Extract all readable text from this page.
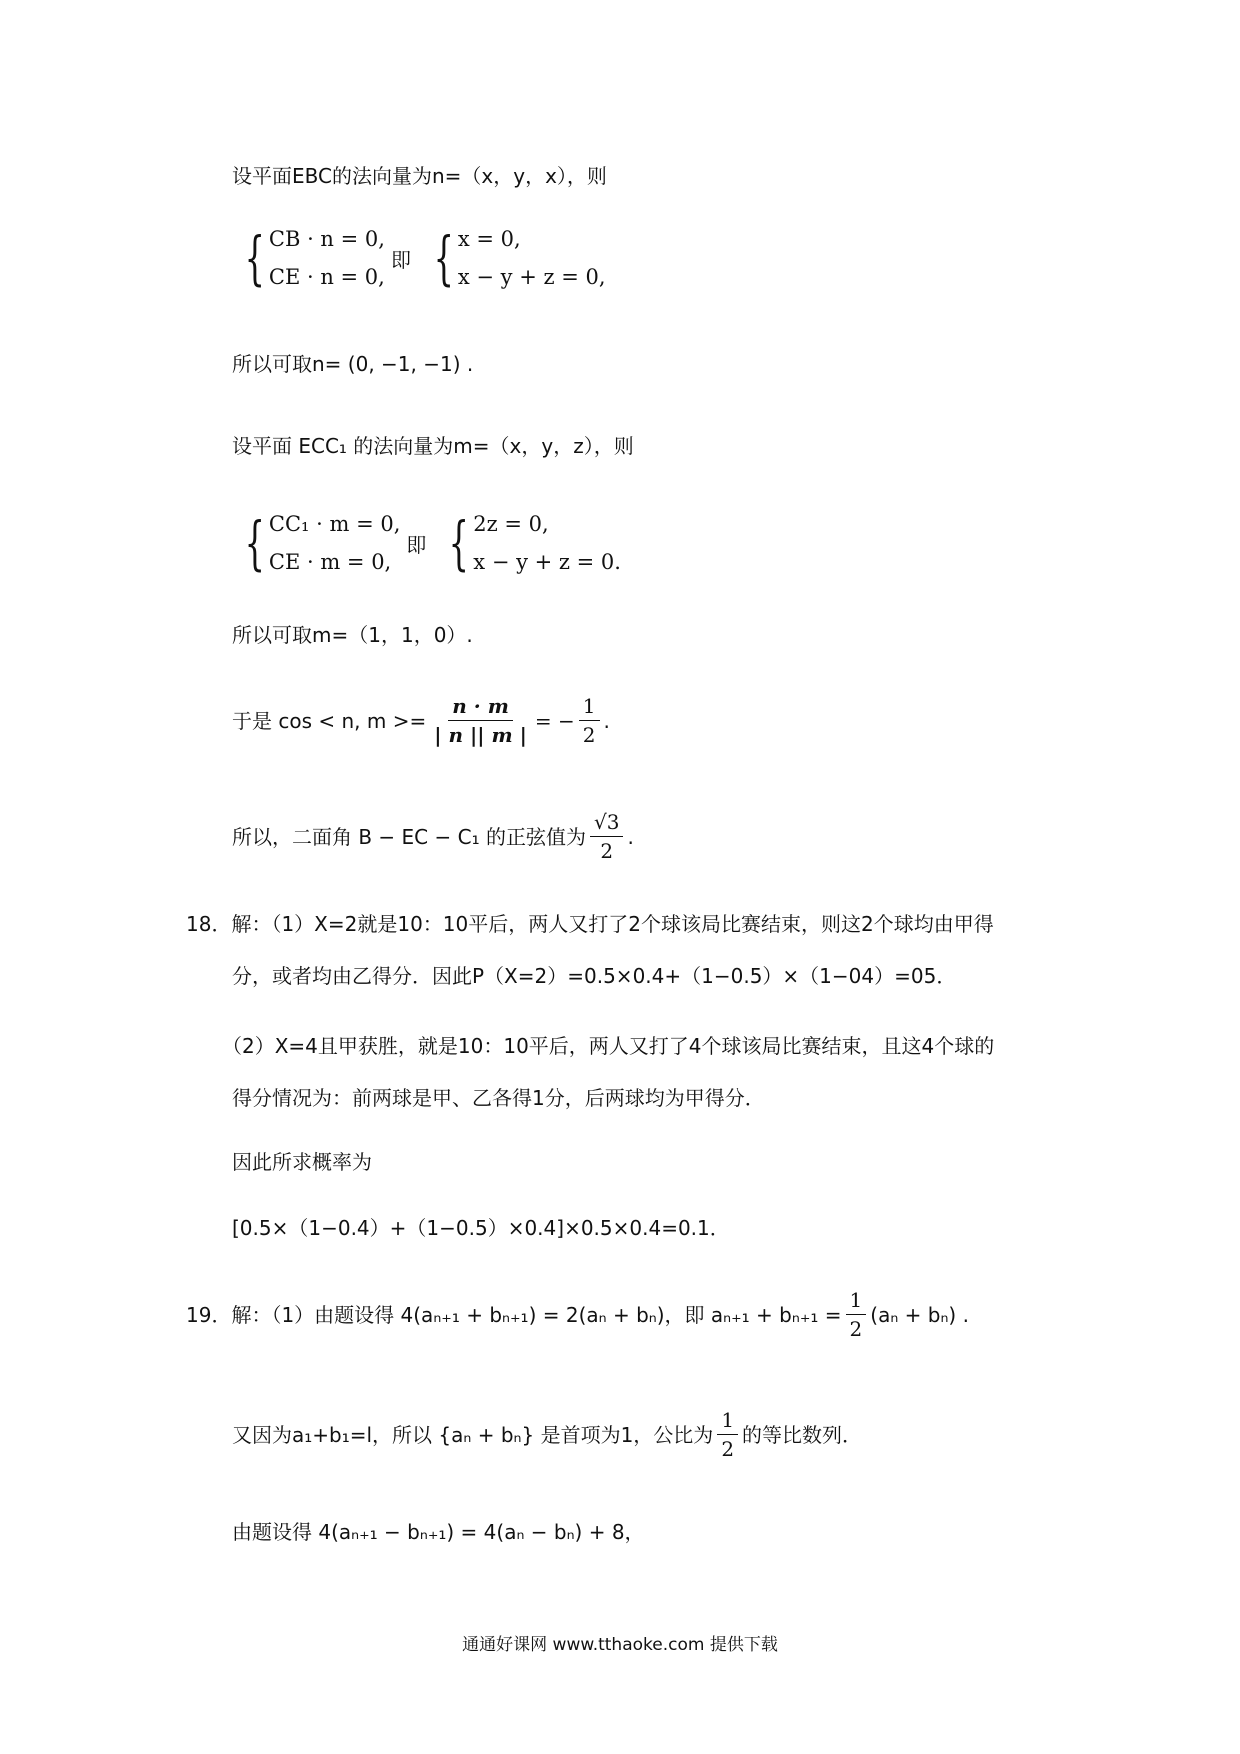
设平面EBC的法向量为n=（x，y，x），则
{ CB · n = 0,
CE · n = 0,
即 { x = 0,
x − y + z = 0,
所以可取n= (0, −1, −1) .
设平面 ECC₁ 的法向量为m=（x，y，z），则
{ CC₁ · m = 0,
CE · m = 0,
即 { 2z = 0,
x − y + z = 0.
所以可取m=（1，1，0）.
于是 cos < n, $m >= \frac{n \cdot m}{| n || m |}$ = − $\frac{1}{2}$ .
所以，二面角 B − EC − C₁ 的正弦值为 $\frac{√3}{2}$ .
18．解：（1）X=2就是10：10平后，两人又打了2个球该局比赛结束，则这2个球均由甲得
分，或者均由乙得分．因此P（X=2）=0.5×0.4+（1−0.5）×（1−04）=05．
（2）X=4且甲获胜，就是10：10平后，两人又打了4个球该局比赛结束，且这4个球的
得分情况为：前两球是甲、乙各得1分，后两球均为甲得分．
因此所求概率为
[0.5×（1−0.4）+（1−0.5）×0.4]×0.5×0.4=0.1．
19．解：（1）由题设得 4(aₙ₊₁ + bₙ₊₁) = 2(aₙ + bₙ)，即 $a_{n+1} + b_{n+1} = \frac{1}{2} (a_n + b_n)$ .
又因为a₁+b₁=l，所以 {aₙ + bₙ} 是首项为1，公比为 $\frac{1}{2}$ 的等比数列．
由题设得 4(aₙ₊₁ − bₙ₊₁) = 4(aₙ − bₙ) + 8，
通通好课网 www.tthaoke.com 提供下载
